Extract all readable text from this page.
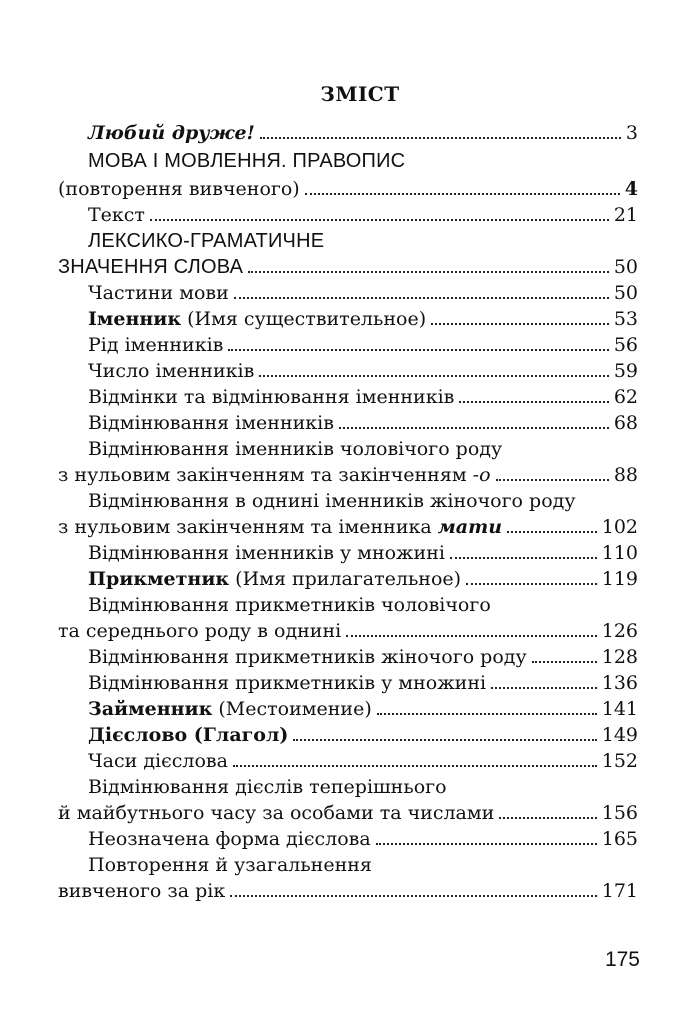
ЗМІСТ
Любий друже!	3
МОВА І МОВЛЕННЯ. ПРАВОПИС
(повторення вивченого)	4
Текст	21
ЛЕКСИКО-ГРАМАТИЧНЕ
ЗНАЧЕННЯ СЛОВА	50
Частини мови	50
Іменник (Имя существительное)	53
Рід іменників	56
Число іменників	59
Відмінки та відмінювання іменників	62
Відмінювання іменників	68
Відмінювання іменників чоловічого роду
з нульовим закінченням та закінченням -о	88
Відмінювання в однині іменників жіночого роду
з нульовим закінченням та іменника мати	102
Відмінювання іменників у множині	110
Прикметник (Имя прилагательное)	119
Відмінювання прикметників чоловічого
та середнього роду в однині	126
Відмінювання прикметників жіночого роду	128
Відмінювання прикметників у множині	136
Займенник (Местоимение)	141
Дієслово (Глагол)	149
Часи дієслова	152
Відмінювання дієслів теперішнього
й майбутнього часу за особами та числами	156
Неозначена форма дієслова	165
Повторення й узагальнення
вивченого за рік	171
175
